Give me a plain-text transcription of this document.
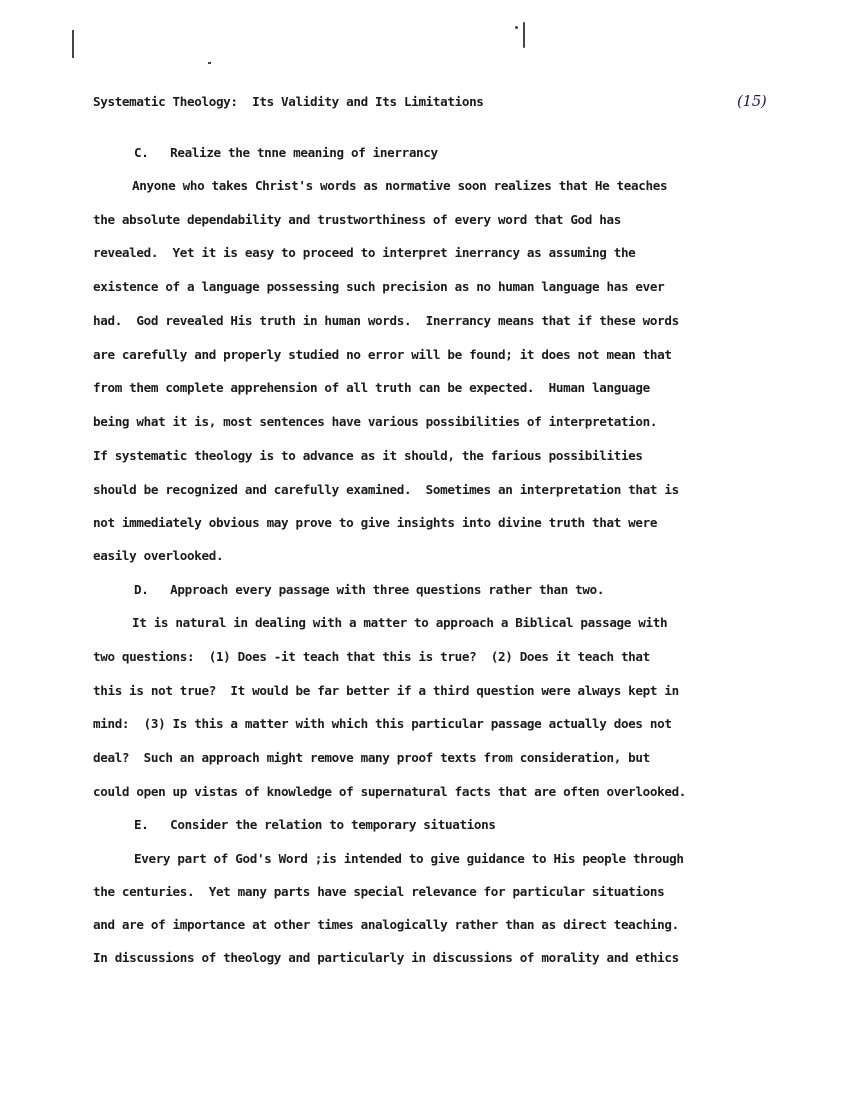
Systematic Theology:  Its Validity and Its Limitations	(15)
C.   Realize the tnne meaning of inerrancy
Anyone who takes Christ's words as normative soon realizes that He teaches
the absolute dependability and trustworthiness of every word that God has
revealed.  Yet it is easy to proceed to interpret inerrancy as assuming the
existence of a language possessing such precision as no human language has ever
had.  God revealed His truth in human words.  Inerrancy means that if these words
are carefully and properly studied no error will be found; it does not mean that
from them complete apprehension of all truth can be expected.  Human language
being what it is, most sentences have various possibilities of interpretation.
If systematic theology is to advance as it should, the farious possibilities
should be recognized and carefully examined.  Sometimes an interpretation that is
not immediately obvious may prove to give insights into divine truth that were
easily overlooked.
D.   Approach every passage with three questions rather than two.
It is natural in dealing with a matter to approach a Biblical passage with
two questions:  (1) Does -it teach that this is true?  (2) Does it teach that
this is not true?  It would be far better if a third question were always kept in
mind:  (3) Is this a matter with which this particular passage actually does not
deal?  Such an approach might remove many proof texts from consideration, but
could open up vistas of knowledge of supernatural facts that are often overlooked.
E.   Consider the relation to temporary situations
Every part of God's Word ;is intended to give guidance to His people through
the centuries.  Yet many parts have special relevance for particular situations
and are of importance at other times analogically rather than as direct teaching.
In discussions of theology and particularly in discussions of morality and ethics
